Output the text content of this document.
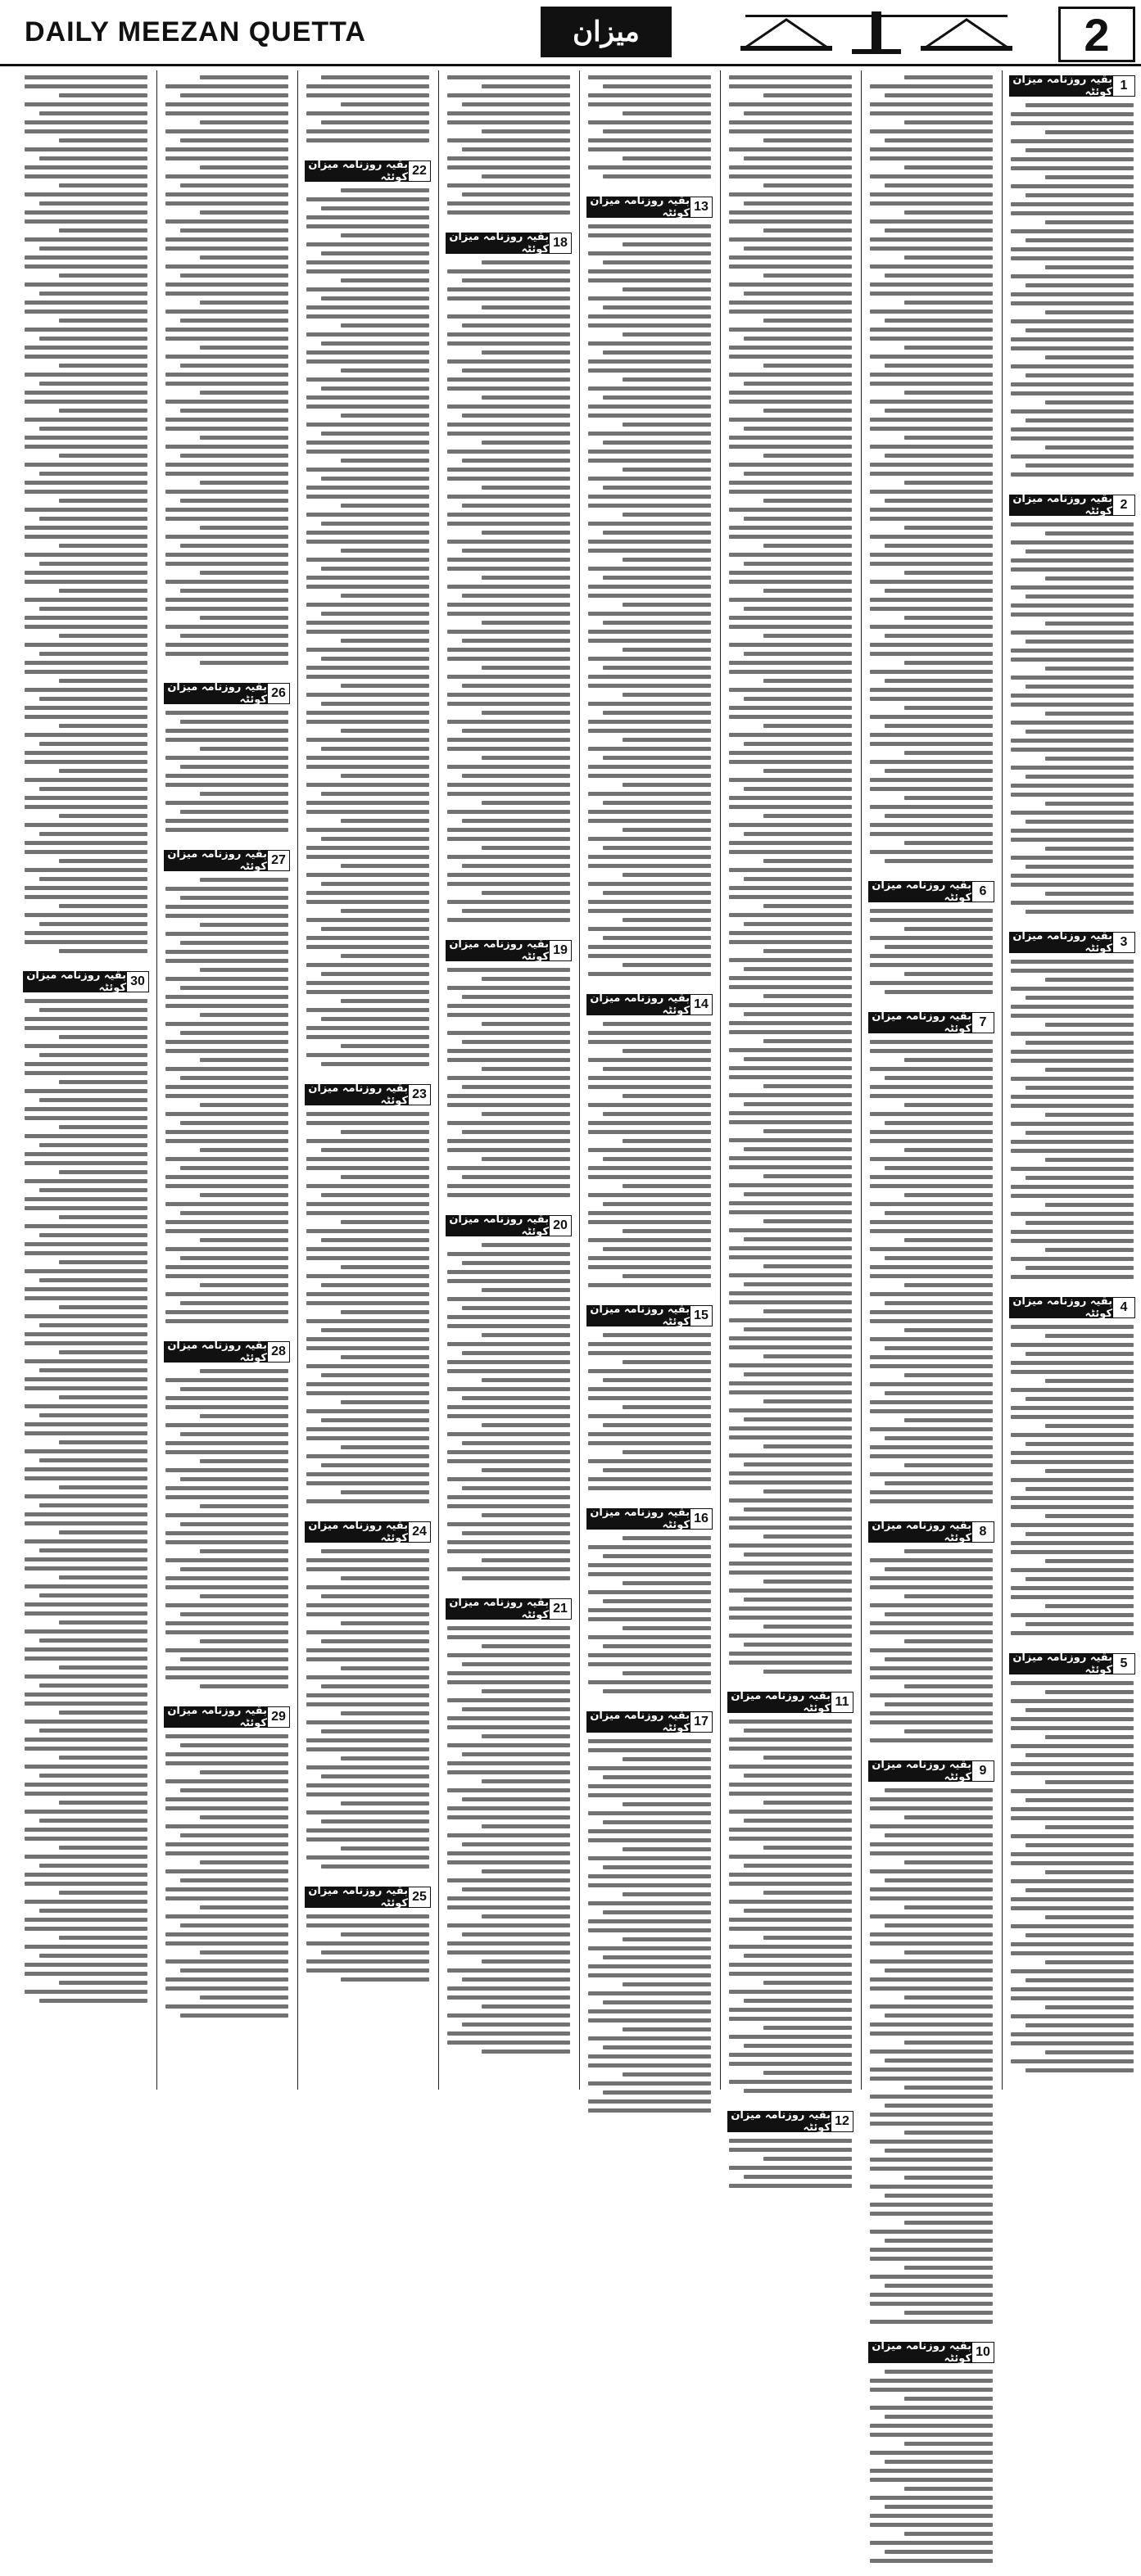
DAILY MEEZAN QUETTA	میزان	2
1
بقیہ روزنامہ میزان کوئٹہ
2
بقیہ روزنامہ میزان کوئٹہ
3
بقیہ روزنامہ میزان کوئٹہ
4
بقیہ روزنامہ میزان کوئٹہ
5
بقیہ روزنامہ میزان کوئٹہ
6
بقیہ روزنامہ میزان کوئٹہ
7
بقیہ روزنامہ میزان کوئٹہ
8
بقیہ روزنامہ میزان کوئٹہ
9
بقیہ روزنامہ میزان کوئٹہ
10
بقیہ روزنامہ میزان کوئٹہ
11
بقیہ روزنامہ میزان کوئٹہ
12
بقیہ روزنامہ میزان کوئٹہ
13
بقیہ روزنامہ میزان کوئٹہ
14
بقیہ روزنامہ میزان کوئٹہ
15
بقیہ روزنامہ میزان کوئٹہ
16
بقیہ روزنامہ میزان کوئٹہ
17
بقیہ روزنامہ میزان کوئٹہ
18
بقیہ روزنامہ میزان کوئٹہ
19
بقیہ روزنامہ میزان کوئٹہ
20
بقیہ روزنامہ میزان کوئٹہ
21
بقیہ روزنامہ میزان کوئٹہ
22
بقیہ روزنامہ میزان کوئٹہ
23
بقیہ روزنامہ میزان کوئٹہ
24
بقیہ روزنامہ میزان کوئٹہ
25
بقیہ روزنامہ میزان کوئٹہ
26
بقیہ روزنامہ میزان کوئٹہ
27
بقیہ روزنامہ میزان کوئٹہ
28
بقیہ روزنامہ میزان کوئٹہ
29
بقیہ روزنامہ میزان کوئٹہ
30
بقیہ روزنامہ میزان کوئٹہ
